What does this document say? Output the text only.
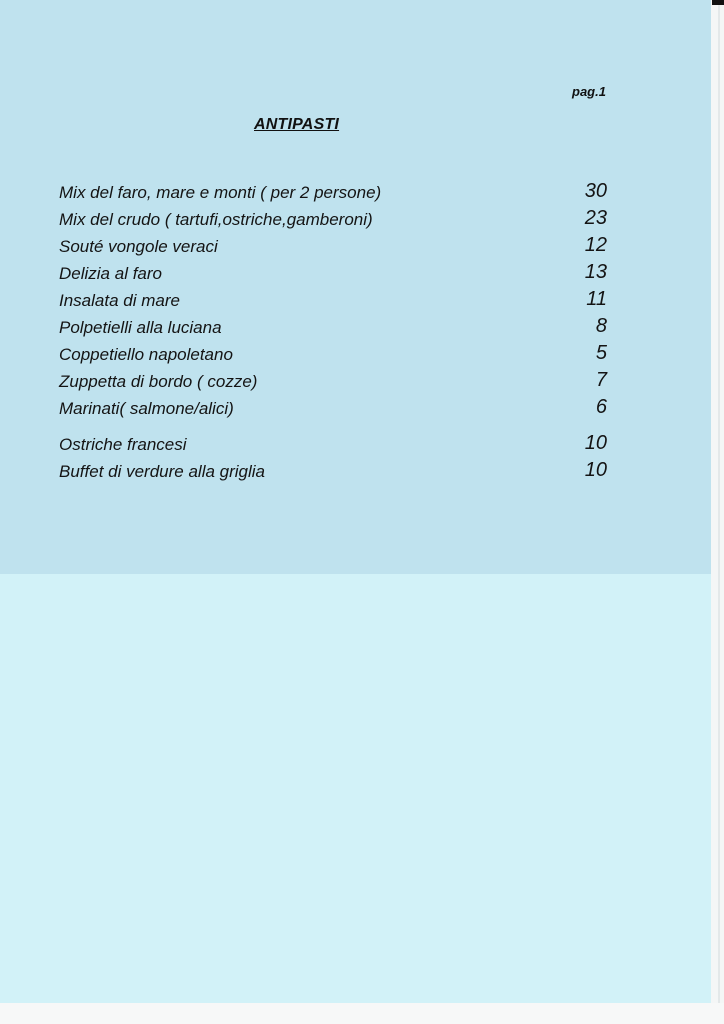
pag.1
ANTIPASTI
Mix del faro, mare e monti ( per 2 persone)	30
Mix del crudo ( tartufi,ostriche,gamberoni)	23
Souté vongole veraci	12
Delizia al faro	13
Insalata di mare	11
Polpetielli alla luciana	8
Coppetiello napoletano	5
Zuppetta di bordo ( cozze)	7
Marinati( salmone/alici)	6
Ostriche francesi	10
Buffet di verdure alla griglia	10
